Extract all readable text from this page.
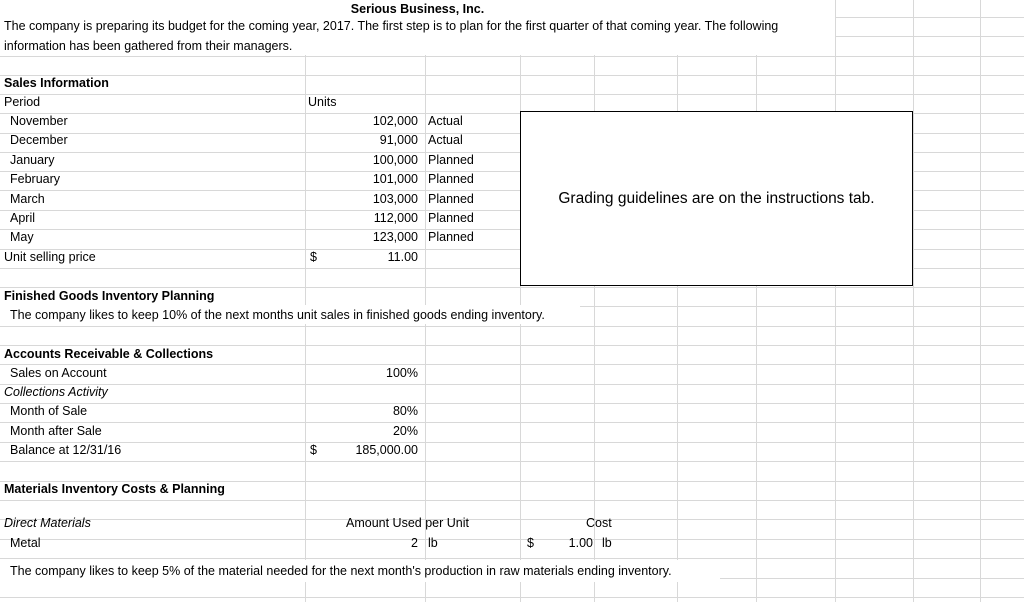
Serious Business, Inc.
The company is preparing its budget for the coming year, 2017. The first step is to plan for the first quarter of that coming year. The following
information has been gathered from their managers.
Sales Information
Period	Units
November	102,000 Actual
December	91,000 Actual
January	100,000 Planned
February	101,000 Planned
March	103,000 Planned
April	112,000 Planned
May	123,000 Planned
Unit selling price	$	11.00
Grading guidelines are on the instructions tab.
Finished Goods Inventory Planning
The company likes to keep 10% of the next months unit sales in finished goods ending inventory.
Accounts Receivable & Collections
Sales on Account	100%
Collections Activity
Month of Sale	80%
Month after Sale	20%
Balance at 12/31/16	$	185,000.00
Materials Inventory Costs & Planning
Direct Materials	Amount Used per Unit	Cost
Metal	2 lb	$	1.00 lb
The company likes to keep 5% of the material needed for the next month's production in raw materials ending inventory.
